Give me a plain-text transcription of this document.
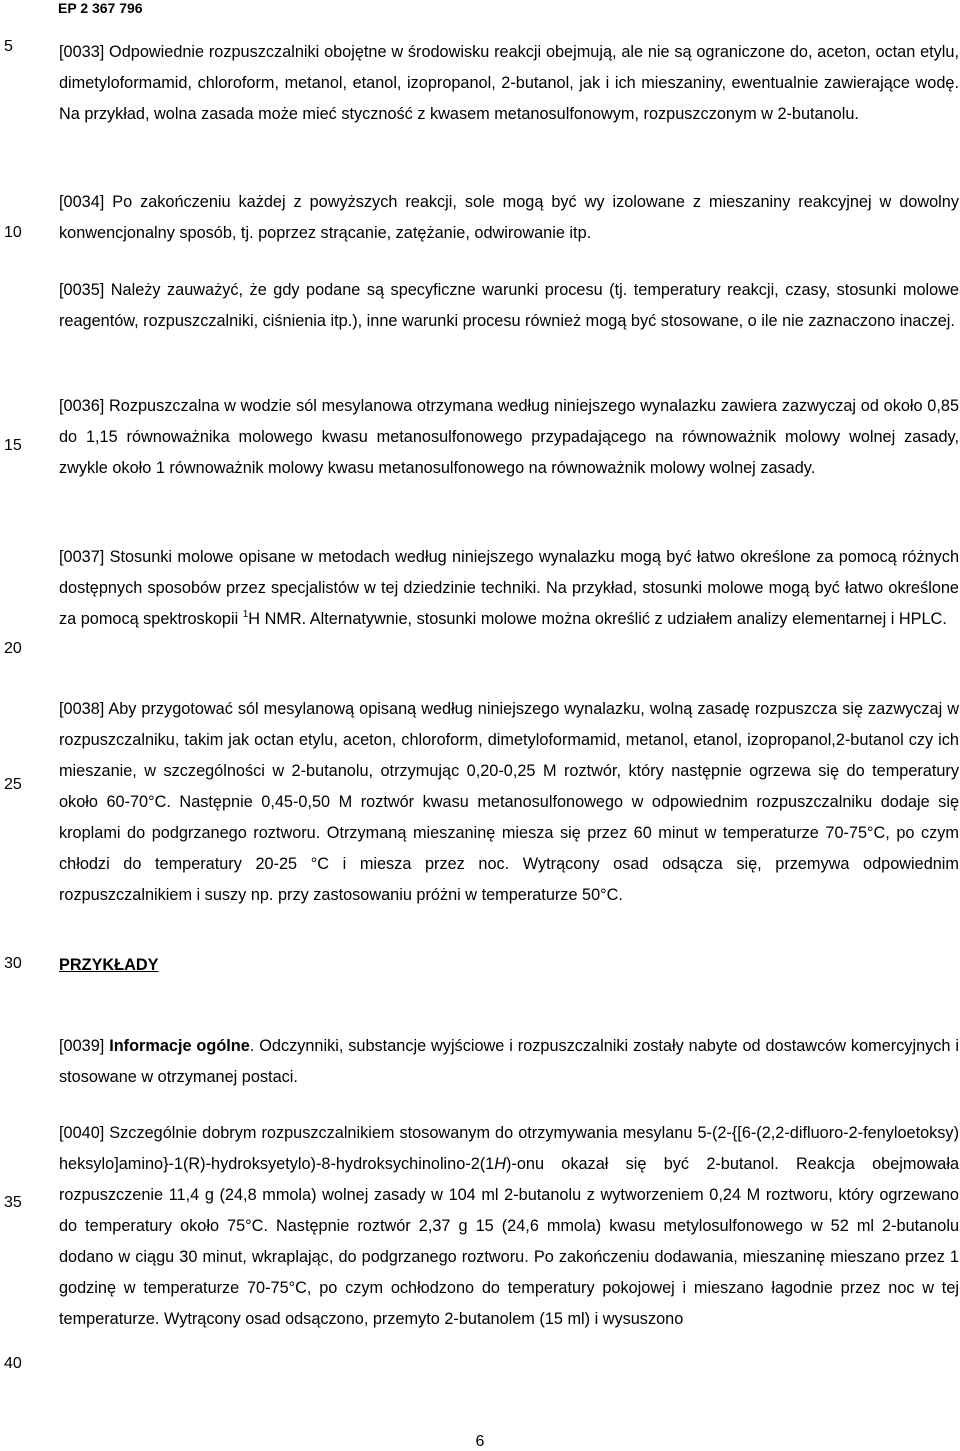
EP 2 367 796
5
10
15
20
25
30
35
40

[0033] Odpowiednie rozpuszczalniki obojętne w środowisku reakcji obejmują, ale nie są ograniczone do, aceton, octan etylu, dimetyloformamid, chloroform, metanol, etanol, izopropanol, 2-butanol, jak i ich mieszaniny, ewentualnie zawierające wodę. Na przykład, wolna zasada może mieć styczność z kwasem metanosulfonowym, rozpuszczonym w 2-butanolu.

[0034] Po zakończeniu każdej z powyższych reakcji, sole mogą być wy izolowane z mieszaniny reakcyjnej w dowolny konwencjonalny sposób, tj. poprzez strącanie, zatężanie, odwirowanie itp.

[0035] Należy zauważyć, że gdy podane są specyficzne warunki procesu (tj. temperatury reakcji, czasy, stosunki molowe reagentów, rozpuszczalniki, ciśnienia itp.), inne warunki procesu również mogą być stosowane, o ile nie zaznaczono inaczej.

[0036] Rozpuszczalna w wodzie sól mesylanowa otrzymana według niniejszego wynalazku zawiera zazwyczaj od około 0,85 do 1,15 równoważnika molowego kwasu metanosulfonowego przypadającego na równoważnik molowy wolnej zasady, zwykle około 1 równoważnik molowy kwasu metanosulfonowego na równoważnik molowy wolnej zasady.

[0037] Stosunki molowe opisane w metodach według niniejszego wynalazku mogą być łatwo określone za pomocą różnych dostępnych sposobów przez specjalistów w tej dziedzinie techniki. Na przykład, stosunki molowe mogą być łatwo określone za pomocą spektroskopii $^1$H NMR. Alternatywnie, stosunki molowe można określić z udziałem analizy elementarnej i HPLC.

[0038] Aby przygotować sól mesylanową opisaną według niniejszego wynalazku, wolną zasadę rozpuszcza się zazwyczaj w rozpuszczalniku, takim jak octan etylu, aceton, chloroform, dimetyloformamid, metanol, etanol, izopropanol,2-butanol czy ich mieszanie, w szczególności w 2-butanolu, otrzymując 0,20-0,25 M roztwór, który następnie ogrzewa się do temperatury około 60-70°C. Następnie 0,45-0,50 M roztwór kwasu metanosulfonowego w odpowiednim rozpuszczalniku dodaje się kroplami do podgrzanego roztworu. Otrzymaną mieszaninę miesza się przez 60 minut w temperaturze 70-75°C, po czym chłodzi do temperatury 20-25 °C i miesza przez noc. Wytrącony osad odsącza się, przemywa odpowiednim rozpuszczalnikiem i suszy np. przy zastosowaniu próżni w temperaturze 50°C.

PRZYKŁADY

[0039] Informacje ogólne. Odczynniki, substancje wyjściowe i rozpuszczalniki zostały nabyte od dostawców komercyjnych i stosowane w otrzymanej postaci.

[0040] Szczególnie dobrym rozpuszczalnikiem stosowanym do otrzymywania mesylanu 5-(2-{[6-(2,2-difluoro-2-fenyloetoksy) heksylo]amino}-1(R)-hydroksyetylo)-8-hydroksychinolino-2(1H)-onu okazał się być 2-butanol. Reakcja obejmowała rozpuszczenie 11,4 g (24,8 mmola) wolnej zasady w 104 ml 2-butanolu z wytworzeniem 0,24 M roztworu, który ogrzewano do temperatury około 75°C. Następnie roztwór 2,37 g 15 (24,6 mmola) kwasu metylosulfonowego w 52 ml 2-butanolu dodano w ciągu 30 minut, wkraplając, do podgrzanego roztworu. Po zakończeniu dodawania, mieszaninę mieszano przez 1 godzinę w temperaturze 70-75°C, po czym ochłodzono do temperatury pokojowej i mieszano łagodnie przez noc w tej temperaturze. Wytrącony osad odsączono, przemyto 2-butanolem (15 ml) i wysuszono

6
